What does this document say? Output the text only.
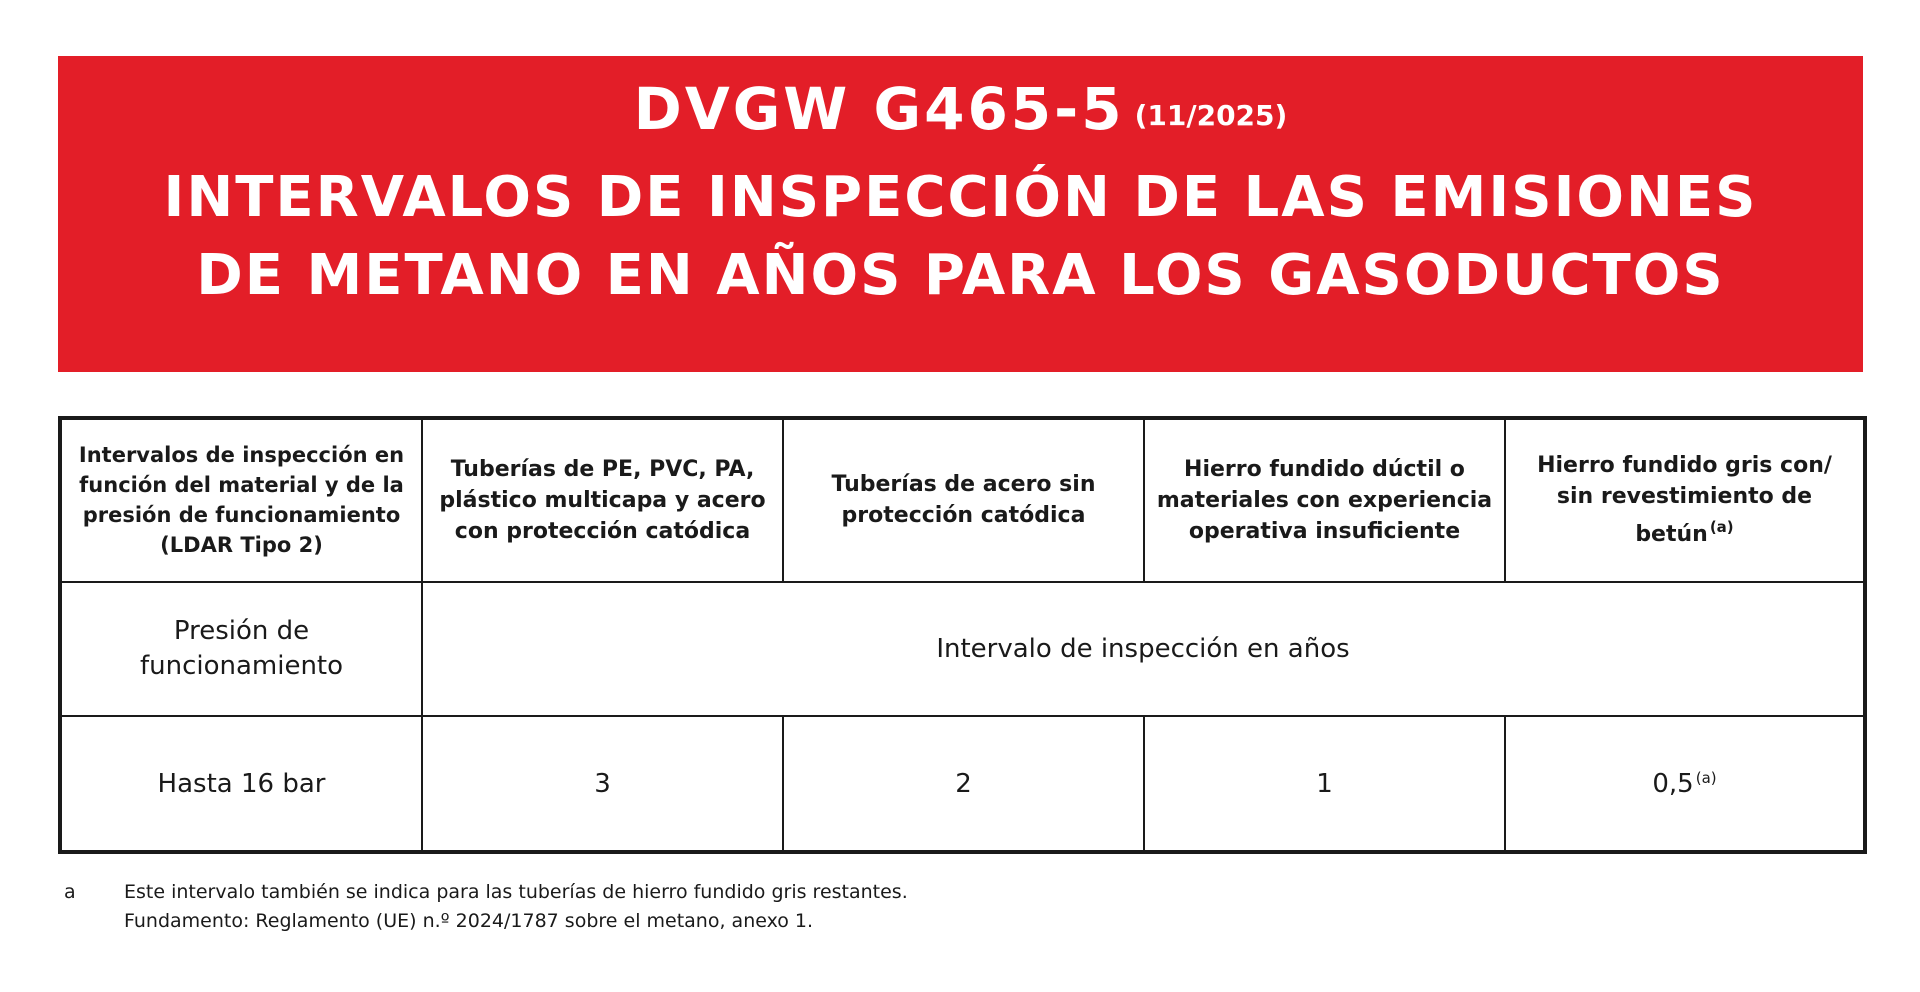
DVGW G465-5 (11/2025)
INTERVALOS DE INSPECCIÓN DE LAS EMISIONES
DE METANO EN AÑOS PARA LOS GASODUCTOS
Intervalos de inspección en función del material y de la presión de funcionamiento (LDAR Tipo 2)	Tuberías de PE, PVC, PA, plástico multicapa y acero con protección catódica	Tuberías de acero sin protección catódica	Hierro fundido dúctil o materiales con experiencia operativa insuficiente	Hierro fundido gris con/ sin revestimiento de betún $^{(a)}$
Presión de funcionamiento	Intervalo de inspección en años			
Hasta 16 bar	3	2	1	0,5 $^{(a)}$
a	Este intervalo también se indica para las tuberías de hierro fundido gris restantes.
Fundamento: Reglamento (UE) n.º 2024/1787 sobre el metano, anexo 1.
